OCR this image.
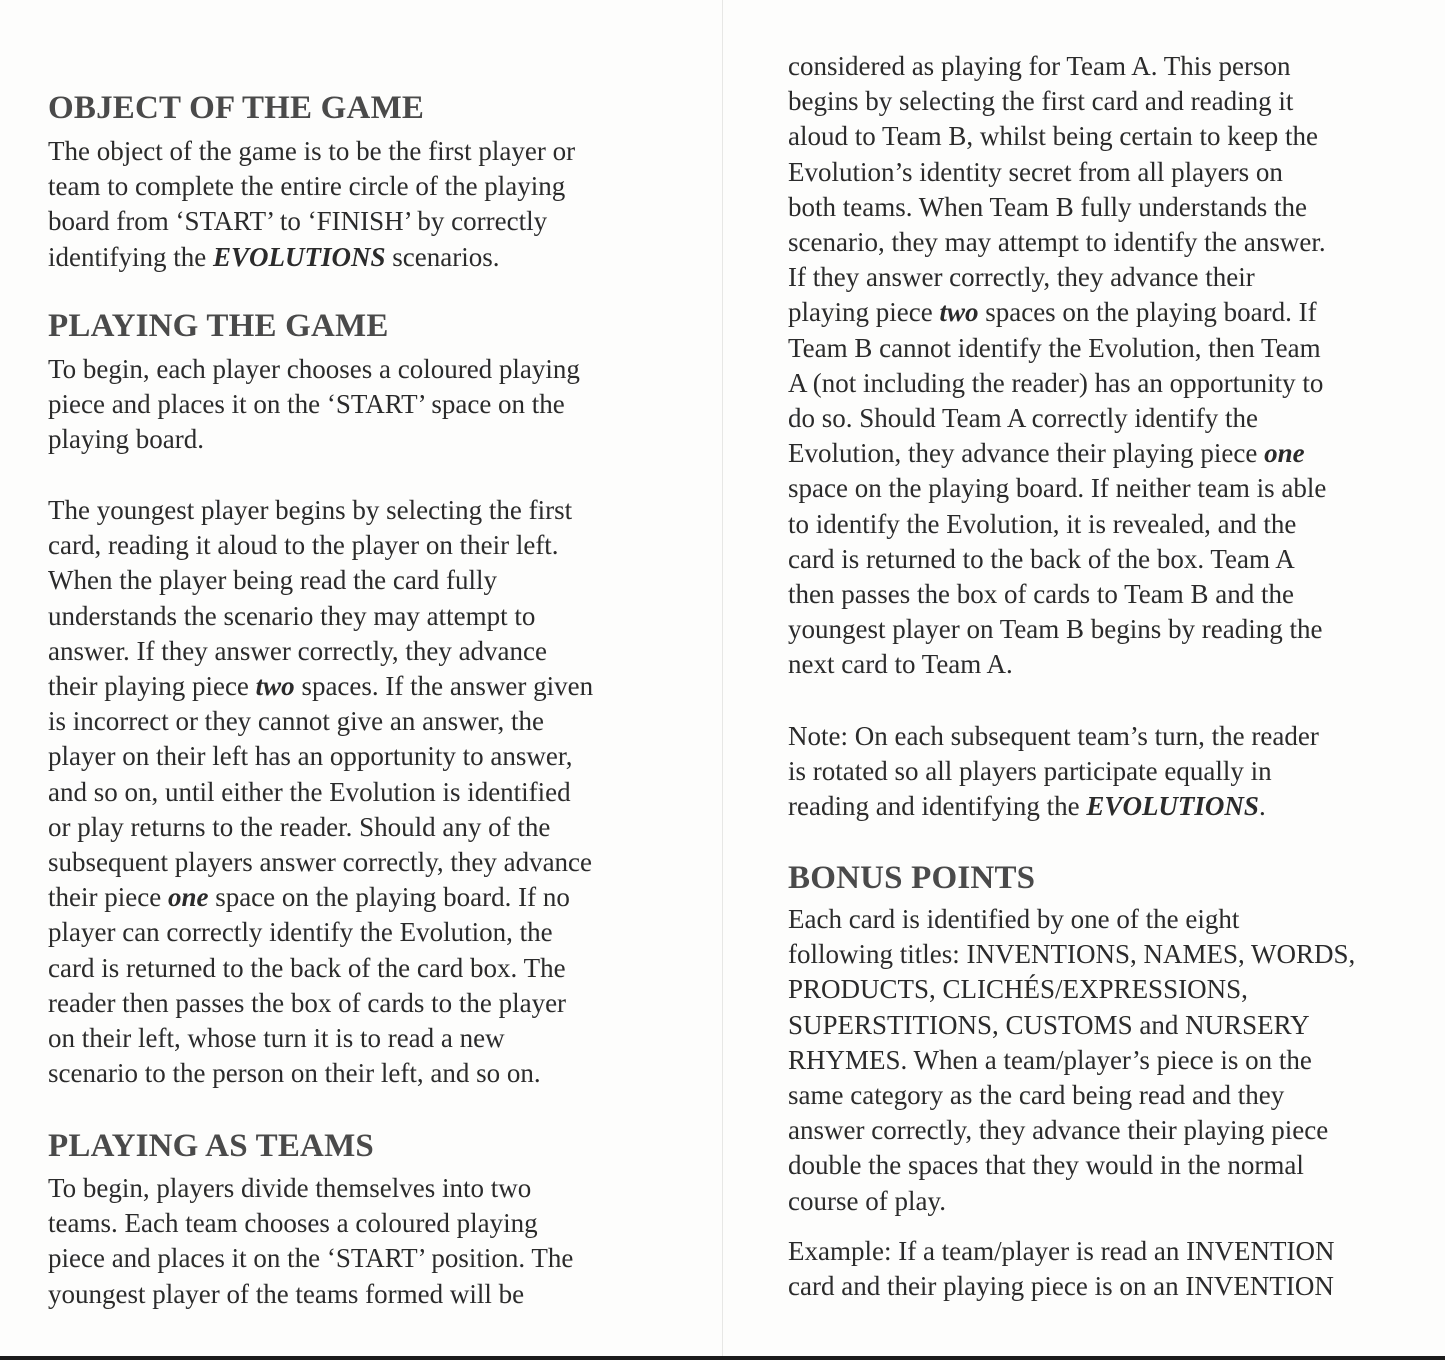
OBJECT OF THE GAME
The object of the game is to be the first player or
team to complete the entire circle of the playing
board from ‘START’ to ‘FINISH’ by correctly
identifying the EVOLUTIONS scenarios.
PLAYING THE GAME
To begin, each player chooses a coloured playing
piece and places it on the ‘START’ space on the
playing board.
The youngest player begins by selecting the first
card, reading it aloud to the player on their left.
When the player being read the card fully
understands the scenario they may attempt to
answer. If they answer correctly, they advance
their playing piece two spaces. If the answer given
is incorrect or they cannot give an answer, the
player on their left has an opportunity to answer,
and so on, until either the Evolution is identified
or play returns to the reader. Should any of the
subsequent players answer correctly, they advance
their piece one space on the playing board. If no
player can correctly identify the Evolution, the
card is returned to the back of the card box. The
reader then passes the box of cards to the player
on their left, whose turn it is to read a new
scenario to the person on their left, and so on.
PLAYING AS TEAMS
To begin, players divide themselves into two
teams. Each team chooses a coloured playing
piece and places it on the ‘START’ position. The
youngest player of the teams formed will be
considered as playing for Team A. This person
begins by selecting the first card and reading it
aloud to Team B, whilst being certain to keep the
Evolution’s identity secret from all players on
both teams. When Team B fully understands the
scenario, they may attempt to identify the answer.
If they answer correctly, they advance their
playing piece two spaces on the playing board. If
Team B cannot identify the Evolution, then Team
A (not including the reader) has an opportunity to
do so. Should Team A correctly identify the
Evolution, they advance their playing piece one
space on the playing board. If neither team is able
to identify the Evolution, it is revealed, and the
card is returned to the back of the box. Team A
then passes the box of cards to Team B and the
youngest player on Team B begins by reading the
next card to Team A.
Note: On each subsequent team’s turn, the reader
is rotated so all players participate equally in
reading and identifying the EVOLUTIONS.
BONUS POINTS
Each card is identified by one of the eight
following titles: INVENTIONS, NAMES, WORDS,
PRODUCTS, CLICHÉS/EXPRESSIONS,
SUPERSTITIONS, CUSTOMS and NURSERY
RHYMES. When a team/player’s piece is on the
same category as the card being read and they
answer correctly, they advance their playing piece
double the spaces that they would in the normal
course of play.
Example: If a team/player is read an INVENTION
card and their playing piece is on an INVENTION
